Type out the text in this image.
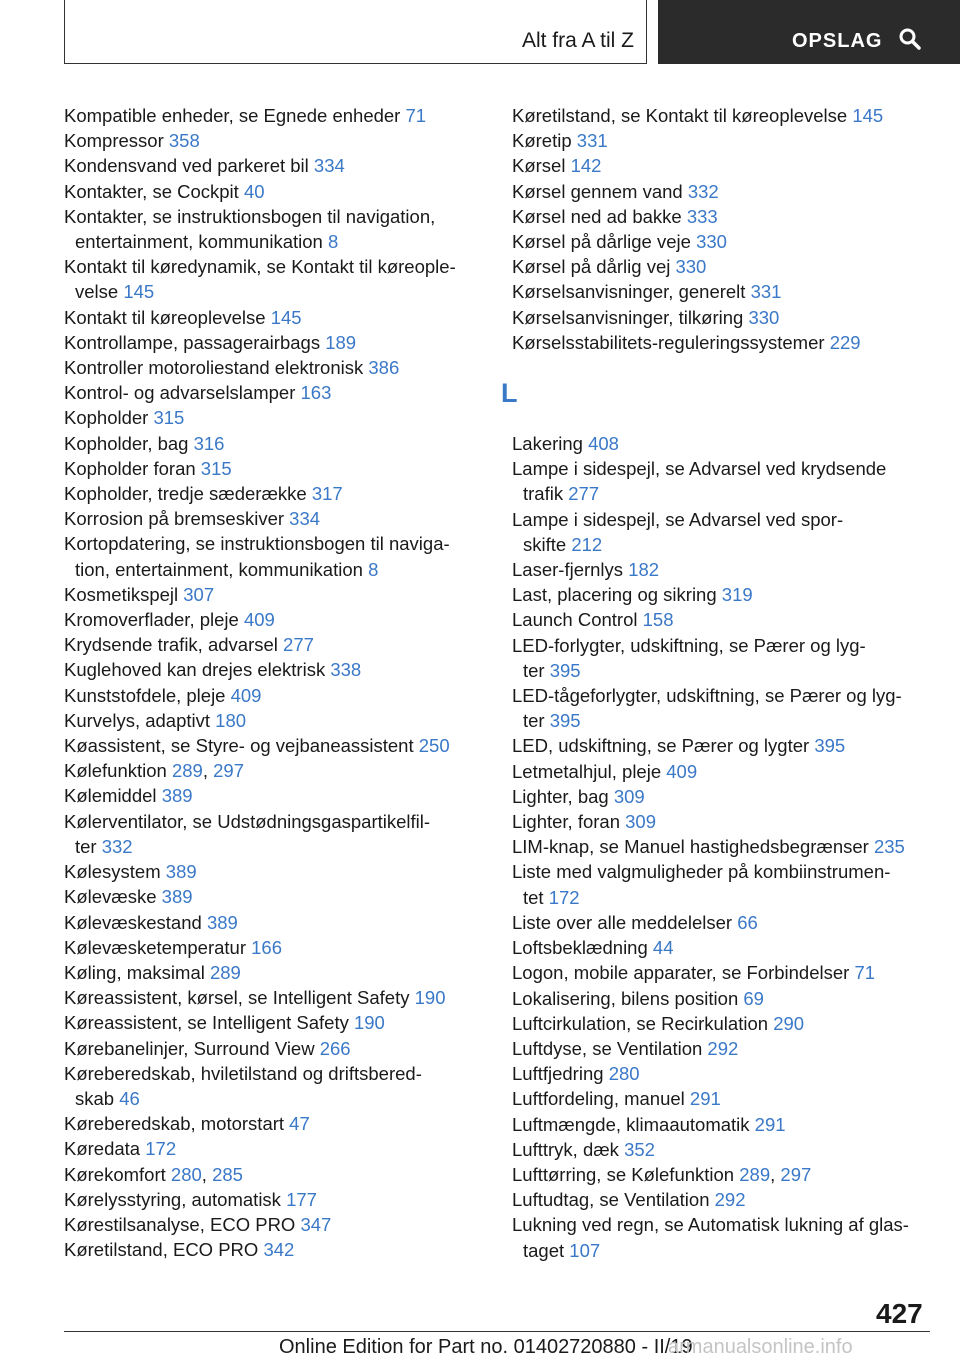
Alt fra A til Z	OPSLAG
Kompatible enheder, se Egnede enheder 71
Kompressor 358
Kondensvand ved parkeret bil 334
Kontakter, se Cockpit 40
Kontakter, se instruktionsbogen til navigation,
entertainment, kommunikation 8
Kontakt til køredynamik, se Kontakt til køreople-
velse 145
Kontakt til køreoplevelse 145
Kontrollampe, passagerairbags 189
Kontroller motoroliestand elektronisk 386
Kontrol- og advarselslamper 163
Kopholder 315
Kopholder, bag 316
Kopholder foran 315
Kopholder, tredje sæderække 317
Korrosion på bremseskiver 334
Kortopdatering, se instruktionsbogen til naviga-
tion, entertainment, kommunikation 8
Kosmetikspejl 307
Kromoverflader, pleje 409
Krydsende trafik, advarsel 277
Kuglehoved kan drejes elektrisk 338
Kunststofdele, pleje 409
Kurvelys, adaptivt 180
Køassistent, se Styre- og vejbaneassistent 250
Kølefunktion 289, 297
Kølemiddel 389
Kølerventilator, se Udstødningsgaspartikelfil-
ter 332
Kølesystem 389
Kølevæske 389
Kølevæskestand 389
Kølevæsketemperatur 166
Køling, maksimal 289
Køreassistent, kørsel, se Intelligent Safety 190
Køreassistent, se Intelligent Safety 190
Kørebanelinjer, Surround View 266
Køreberedskab, hviletilstand og driftsbered-
skab 46
Køreberedskab, motorstart 47
Køredata 172
Kørekomfort 280, 285
Kørelysstyring, automatisk 177
Kørestilsanalyse, ECO PRO 347
Køretilstand, ECO PRO 342
Køretilstand, se Kontakt til køreoplevelse 145
Køretip 331
Kørsel 142
Kørsel gennem vand 332
Kørsel ned ad bakke 333
Kørsel på dårlige veje 330
Kørsel på dårlig vej 330
Kørselsanvisninger, generelt 331
Kørselsanvisninger, tilkøring 330
Kørselsstabilitets-reguleringssystemer 229
L
Lakering 408
Lampe i sidespejl, se Advarsel ved krydsende
trafik 277
Lampe i sidespejl, se Advarsel ved spor-
skifte 212
Laser-fjernlys 182
Last, placering og sikring 319
Launch Control 158
LED-forlygter, udskiftning, se Pærer og lyg-
ter 395
LED-tågeforlygter, udskiftning, se Pærer og lyg-
ter 395
LED, udskiftning, se Pærer og lygter 395
Letmetalhjul, pleje 409
Lighter, bag 309
Lighter, foran 309
LIM-knap, se Manuel hastighedsbegrænser 235
Liste med valgmuligheder på kombiinstrumen-
tet 172
Liste over alle meddelelser 66
Loftsbeklædning 44
Logon, mobile apparater, se Forbindelser 71
Lokalisering, bilens position 69
Luftcirkulation, se Recirkulation 290
Luftdyse, se Ventilation 292
Luftfjedring 280
Luftfordeling, manuel 291
Luftmængde, klimaautomatik 291
Lufttryk, dæk 352
Lufttørring, se Kølefunktion 289, 297
Luftudtag, se Ventilation 292
Lukning ved regn, se Automatisk lukning af glas-
taget 107
427
Online Edition for Part no. 01402720880 - II/19
armanualsonline.info
